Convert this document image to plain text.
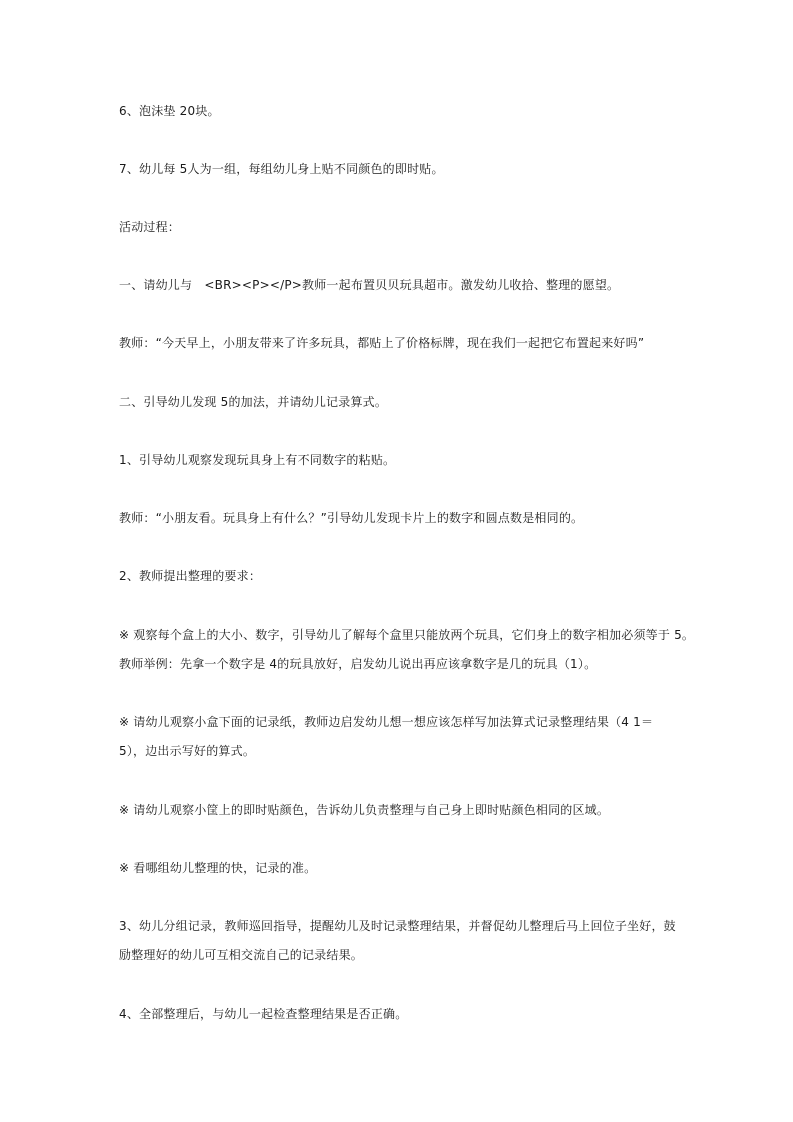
6、泡沫垫 20块。
7、幼儿每 5人为一组，每组幼儿身上贴不同颜色的即时贴。
活动过程：
一、请幼儿与　<BR><P></P>教师一起布置贝贝玩具超市。激发幼儿收拾、整理的愿望。
教师：“今天早上，小朋友带来了许多玩具，都贴上了价格标牌，现在我们一起把它布置起来好吗”
二、引导幼儿发现 5的加法，并请幼儿记录算式。
1、引导幼儿观察发现玩具身上有不同数字的粘贴。
教师：“小朋友看。玩具身上有什么？”引导幼儿发现卡片上的数字和圆点数是相同的。
2、教师提出整理的要求：
※ 观察每个盒上的大小、数字，引导幼儿了解每个盒里只能放两个玩具，它们身上的数字相加必须等于 5。
教师举例：先拿一个数字是 4的玩具放好，启发幼儿说出再应该拿数字是几的玩具（1）。
※ 请幼儿观察小盒下面的记录纸，教师边启发幼儿想一想应该怎样写加法算式记录整理结果（4 1＝5），边出示写好的算式。
※ 请幼儿观察小筐上的即时贴颜色，告诉幼儿负责整理与自己身上即时贴颜色相同的区域。
※ 看哪组幼儿整理的快，记录的准。
3、幼儿分组记录，教师巡回指导，提醒幼儿及时记录整理结果，并督促幼儿整理后马上回位子坐好，鼓励整理好的幼儿可互相交流自己的记录结果。
4、全部整理后，与幼儿一起检查整理结果是否正确。
